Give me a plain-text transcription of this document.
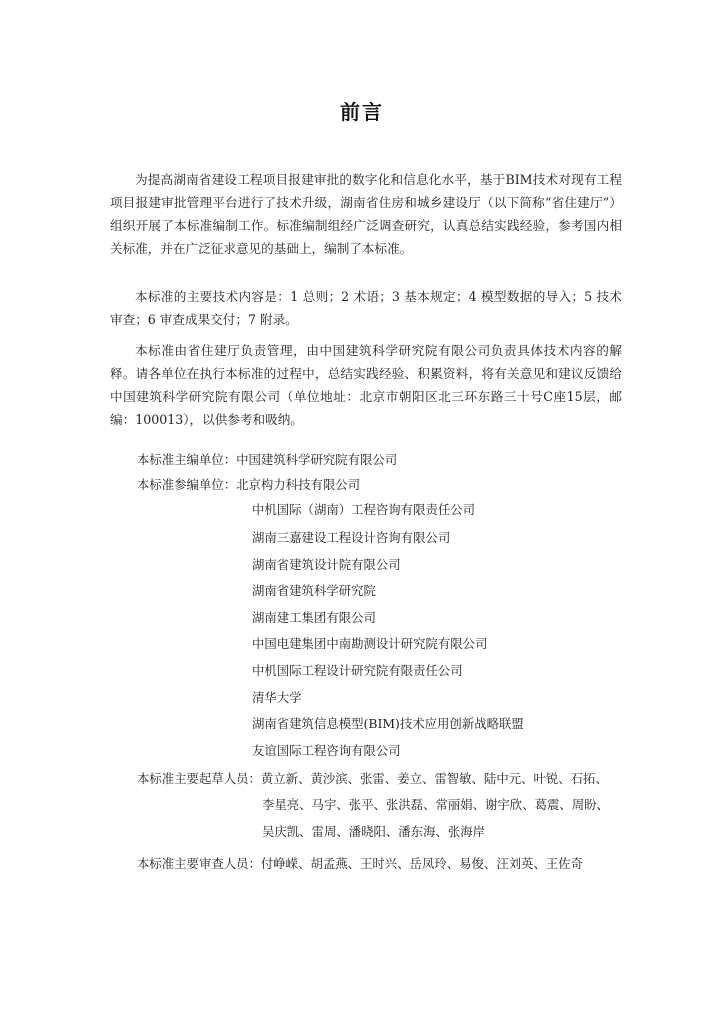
前言

为提高湖南省建设工程项目报建审批的数字化和信息化水平，基于BIM技术对现有工程项目报建审批管理平台进行了技术升级，湖南省住房和城乡建设厅（以下简称“省住建厅”）组织开展了本标准编制工作。标准编制组经广泛调查研究，认真总结实践经验，参考国内相关标准，并在广泛征求意见的基础上，编制了本标准。

本标准的主要技术内容是：1 总则；2 术语；3 基本规定；4 模型数据的导入；5 技术审查；6 审查成果交付；7 附录。

本标准由省住建厅负责管理，由中国建筑科学研究院有限公司负责具体技术内容的解释。请各单位在执行本标准的过程中，总结实践经验、积累资料，将有关意见和建议反馈给中国建筑科学研究院有限公司（单位地址：北京市朝阳区北三环东路三十号C座15层，邮编：100013），以供参考和吸纳。

本标准主编单位：中国建筑科学研究院有限公司
本标准参编单位：北京构力科技有限公司
中机国际（湖南）工程咨询有限责任公司
湖南三嘉建设工程设计咨询有限公司
湖南省建筑设计院有限公司
湖南省建筑科学研究院
湖南建工集团有限公司
中国电建集团中南勘测设计研究院有限公司
中机国际工程设计研究院有限责任公司
清华大学
湖南省建筑信息模型(BIM)技术应用创新战略联盟
友谊国际工程咨询有限公司
本标准主要起草人员：黄立新、黄沙滨、张雷、姜立、雷智敏、陆中元、叶锐、石拓、
李星亮、马宇、张平、张洪磊、常丽娟、谢宇欣、葛震、周盼、
吴庆凯、雷周、潘晓阳、潘东海、张海岸
本标准主要审查人员：付峥嵘、胡孟燕、王时兴、岳凤玲、易俊、汪刘英、王佐奇
